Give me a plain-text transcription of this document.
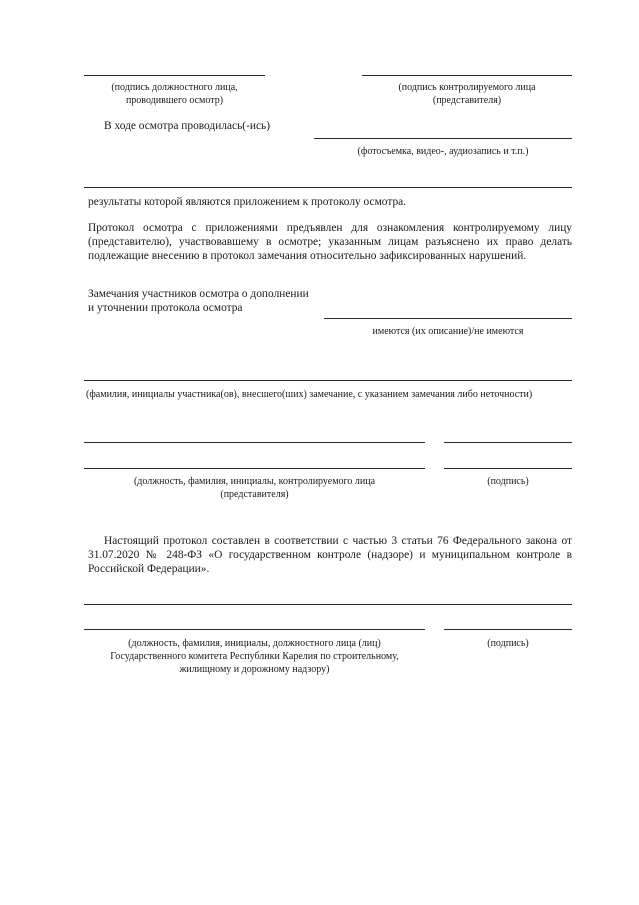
(подпись должностного лица,
проводившего осмотр)
(подпись контролируемого лица
(представителя)
В ходе осмотра проводилась(-ись)
(фотосъемка, видео-, аудиозапись и т.п.)
результаты которой являются приложением к протоколу осмотра.
Протокол осмотра с приложениями предъявлен для ознакомления контролируемому лицу
(представителю), участвовавшему в осмотре; указанным лицам разъяснено их право делать
подлежащие внесению в протокол замечания относительно зафиксированных нарушений.
Замечания участников осмотра о дополнении
и уточнении протокола осмотра
имеются (их описание)/не имеются
(фамилия, инициалы участника(ов), внесшего(ших) замечание, с указанием замечания либо неточности)
(должность, фамилия, инициалы, контролируемого лица
(представителя)
(подпись)
Настоящий протокол составлен в соответствии с частью 3 статьи 76 Федерального закона от
31.07.2020 № 248-ФЗ «О государственном контроле (надзоре) и муниципальном контроле в
Российской Федерации».
(должность, фамилия, инициалы, должностного лица (лиц)
Государственного комитета Республики Карелия по строительному,
жилищному и дорожному надзору)
(подпись)
